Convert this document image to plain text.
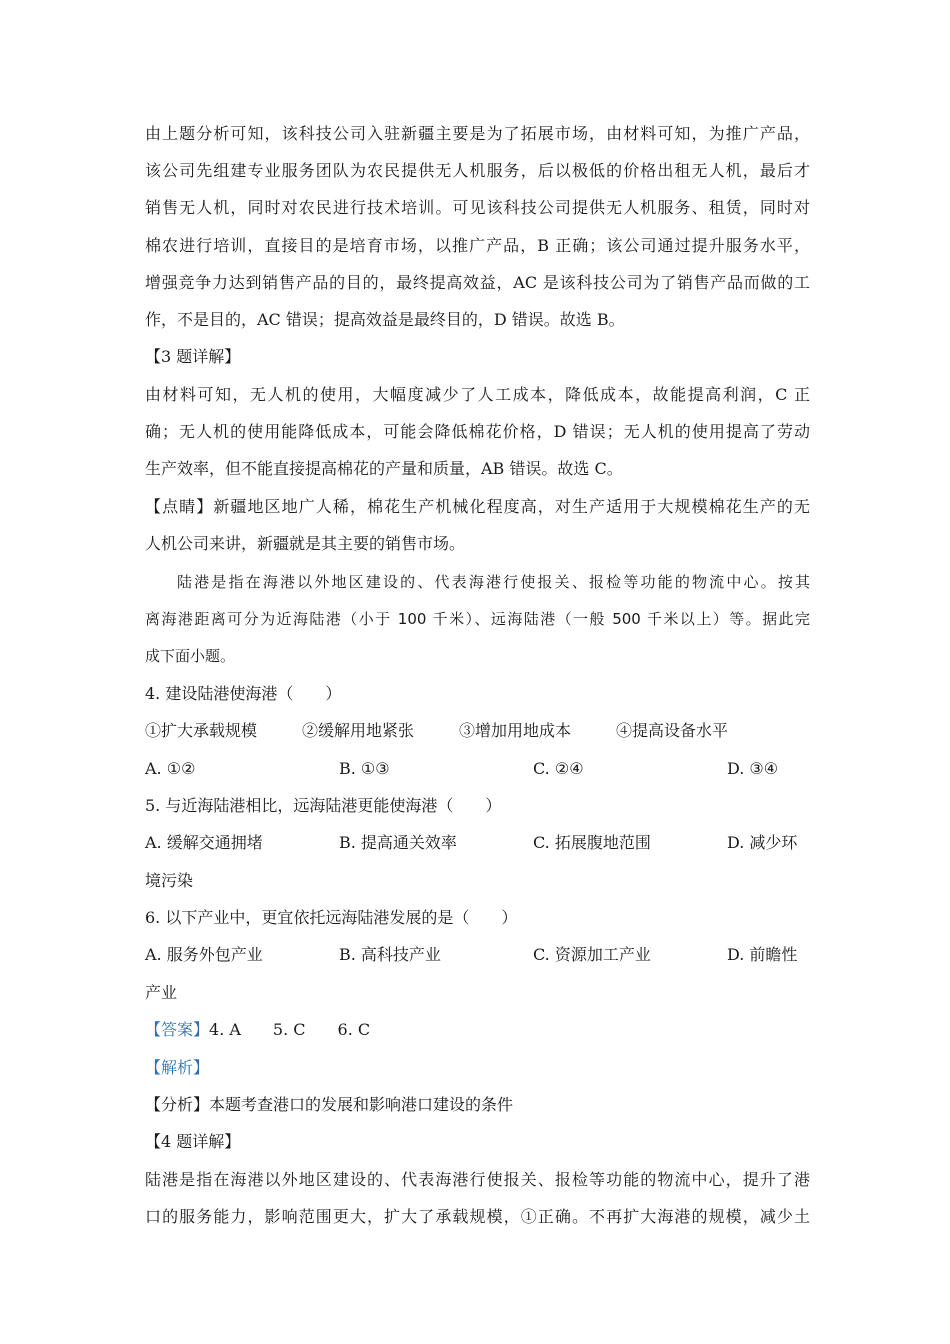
由上题分析可知，该科技公司入驻新疆主要是为了拓展市场，由材料可知，为推广产品，
该公司先组建专业服务团队为农民提供无人机服务，后以极低的价格出租无人机，最后才
销售无人机，同时对农民进行技术培训。可见该科技公司提供无人机服务、租赁，同时对
棉农进行培训，直接目的是培育市场，以推广产品，B 正确；该公司通过提升服务水平，
增强竞争力达到销售产品的目的，最终提高效益，AC 是该科技公司为了销售产品而做的工
作，不是目的，AC 错误；提高效益是最终目的，D 错误。故选 B。
【3 题详解】
由材料可知，无人机的使用，大幅度减少了人工成本，降低成本，故能提高利润，C 正
确；无人机的使用能降低成本，可能会降低棉花价格，D 错误；无人机的使用提高了劳动
生产效率，但不能直接提高棉花的产量和质量，AB 错误。故选 C。
【点睛】新疆地区地广人稀，棉花生产机械化程度高，对生产适用于大规模棉花生产的无
人机公司来讲，新疆就是其主要的销售市场。
陆港是指在海港以外地区建设的、代表海港行使报关、报检等功能的物流中心。按其
离海港距离可分为近海陆港（小于 100 千米）、远海陆港（一般 500 千米以上）等。据此完
成下面小题。
4. 建设陆港使海港（　　）
①扩大承载规模	②缓解用地紧张	③增加用地成本	④提高设备水平
A. ①②	B. ①③	C. ②④	D. ③④
5. 与近海陆港相比，远海陆港更能使海港（　　）
A. 缓解交通拥堵	B. 提高通关效率	C. 拓展腹地范围	D. 减少环
境污染
6. 以下产业中，更宜依托远海陆港发展的是（　　）
A. 服务外包产业	B. 高科技产业	C. 资源加工产业	D. 前瞻性
产业
【答案】4. A 5. C 6. C
【解析】
【分析】本题考查港口的发展和影响港口建设的条件
【4 题详解】
陆港是指在海港以外地区建设的、代表海港行使报关、报检等功能的物流中心，提升了港
口的服务能力，影响范围更大，扩大了承载规模，①正确。不再扩大海港的规模，减少土
